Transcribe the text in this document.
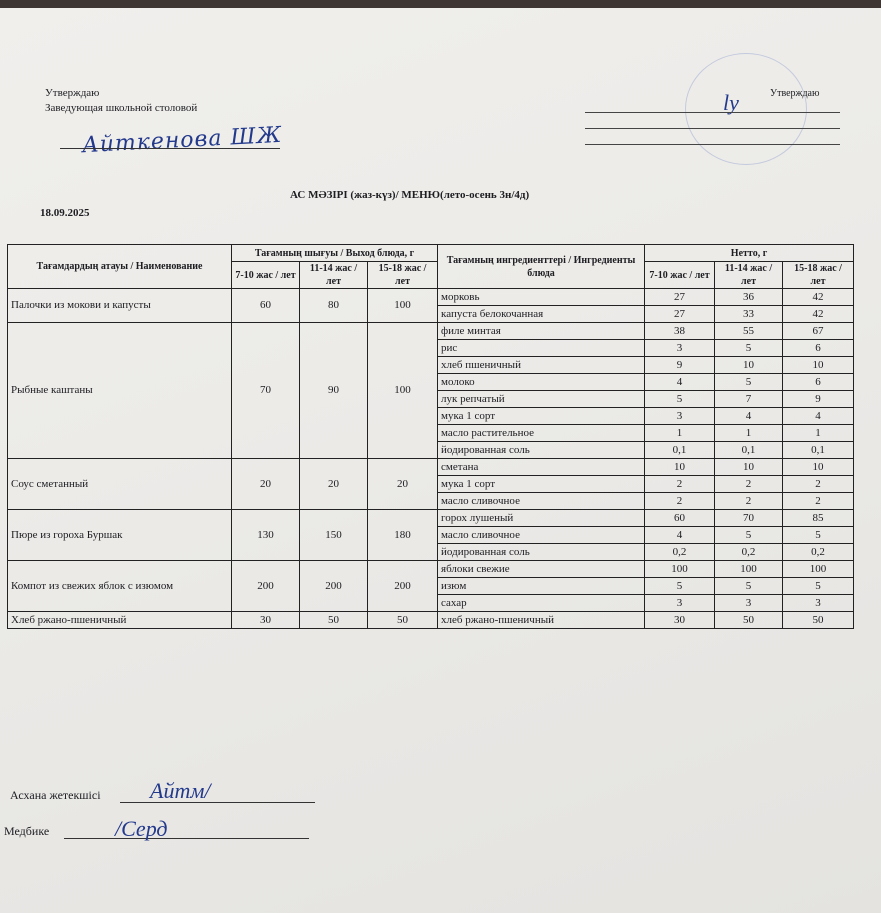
Утверждаю
Заведующая школьной столовой
Айткенова ШЖ
Утверждаю
ly
АС МӘЗІРІ (жаз-күз)/ МЕНЮ(лето-осень 3н/4д)
18.09.2025
Тағамдардың атауы / Наименование	Тағамның шығуы / Выход блюда, г			Тағамның ингредиенттері / Ингредиенты блюда	Нетто, г		
	7-10 жас / лет	11-14 жас / лет	15-18 жас / лет		7-10 жас / лет	11-14 жас / лет	15-18 жас / лет
Палочки из мокови и капусты	60	80	100	морковь	27	36	42
				капуста белокочанная	27	33	42
Рыбные каштаны	70	90	100	филе минтая	38	55	67
				рис	3	5	6
				хлеб пшеничный	9	10	10
				молоко	4	5	6
				лук репчатый	5	7	9
				мука 1 сорт	3	4	4
				масло растительное	1	1	1
				йодированная соль	0,1	0,1	0,1
Соус сметанный	20	20	20	сметана	10	10	10
				мука 1 сорт	2	2	2
				масло сливочное	2	2	2
Пюре из гороха Буршак	130	150	180	горох лушеный	60	70	85
				масло сливочное	4	5	5
				йодированная соль	0,2	0,2	0,2
Компот из свежих яблок с изюмом	200	200	200	яблоки свежие	100	100	100
				изюм	5	5	5
				сахар	3	3	3
Хлеб ржано-пшеничный	30	50	50	хлеб ржано-пшеничный	30	50	50
Асхана жетекшісі Айтм/
Медбике	/Серд
